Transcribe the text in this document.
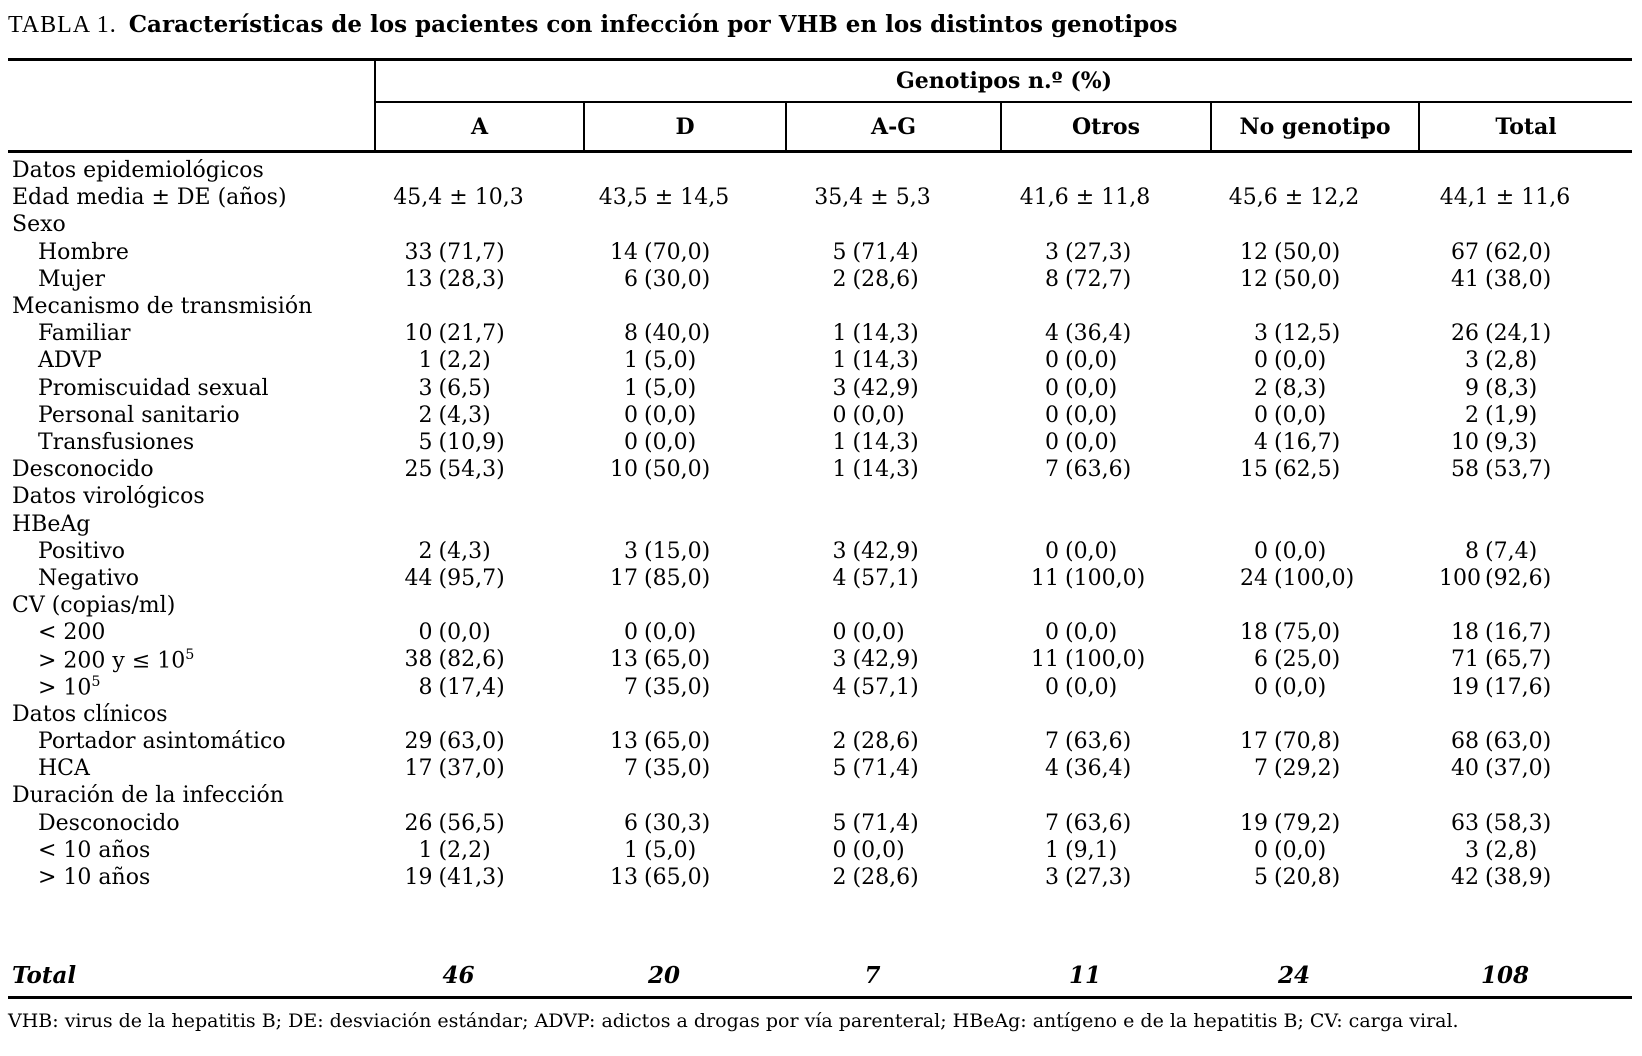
TABLA 1. Características de los pacientes con infección por VHB en los distintos genotipos
Genotipos n.º (%)
A	D	A-G	Otros	No genotipo	Total
Datos epidemiológicos
Edad media ± DE (años)	45,4 ± 10,3	43,5 ± 14,5	35,4 ± 5,3	41,6 ± 11,8	45,6 ± 12,2	44,1 ± 11,6
Sexo
Hombre	33 (71,7)	14 (70,0)	5 (71,4)	3 (27,3)	12 (50,0)	67 (62,0)
Mujer	13 (28,3)	6 (30,0)	2 (28,6)	8 (72,7)	12 (50,0)	41 (38,0)
Mecanismo de transmisión
Familiar	10 (21,7)	8 (40,0)	1 (14,3)	4 (36,4)	3 (12,5)	26 (24,1)
ADVP	1 (2,2)	1 (5,0)	1 (14,3)	0 (0,0)	0 (0,0)	3 (2,8)
Promiscuidad sexual	3 (6,5)	1 (5,0)	3 (42,9)	0 (0,0)	2 (8,3)	9 (8,3)
Personal sanitario	2 (4,3)	0 (0,0)	0 (0,0)	0 (0,0)	0 (0,0)	2 (1,9)
Transfusiones	5 (10,9)	0 (0,0)	1 (14,3)	0 (0,0)	4 (16,7)	10 (9,3)
Desconocido	25 (54,3)	10 (50,0)	1 (14,3)	7 (63,6)	15 (62,5)	58 (53,7)
Datos virológicos
HBeAg
Positivo	2 (4,3)	3 (15,0)	3 (42,9)	0 (0,0)	0 (0,0)	8 (7,4)
Negativo	44 (95,7)	17 (85,0)	4 (57,1)	11 (100,0)	24 (100,0)	100 (92,6)
CV (copias/ml)
< 200	0 (0,0)	0 (0,0)	0 (0,0)	0 (0,0)	18 (75,0)	18 (16,7)
> 200 $y \le 10^5$	38 (82,6)	13 (65,0)	3 (42,9)	11 (100,0)	6 (25,0)	71 (65,7)
> $10^5$	8 (17,4)	7 (35,0)	4 (57,1)	0 (0,0)	0 (0,0)	19 (17,6)
Datos clínicos
Portador asintomático	29 (63,0)	13 (65,0)	2 (28,6)	7 (63,6)	17 (70,8)	68 (63,0)
HCA	17 (37,0)	7 (35,0)	5 (71,4)	4 (36,4)	7 (29,2)	40 (37,0)
Duración de la infección
Desconocido	26 (56,5)	6 (30,3)	5 (71,4)	7 (63,6)	19 (79,2)	63 (58,3)
< 10 años	1 (2,2)	1 (5,0)	0 (0,0)	1 (9,1)	0 (0,0)	3 (2,8)
> 10 años	19 (41,3)	13 (65,0)	2 (28,6)	3 (27,3)	5 (20,8)	42 (38,9)
Total	46	20	7	11	24	108
VHB: virus de la hepatitis B; DE: desviación estándar; ADVP: adictos a drogas por vía parenteral; HBeAg: antígeno e de la hepatitis B; CV: carga viral.
